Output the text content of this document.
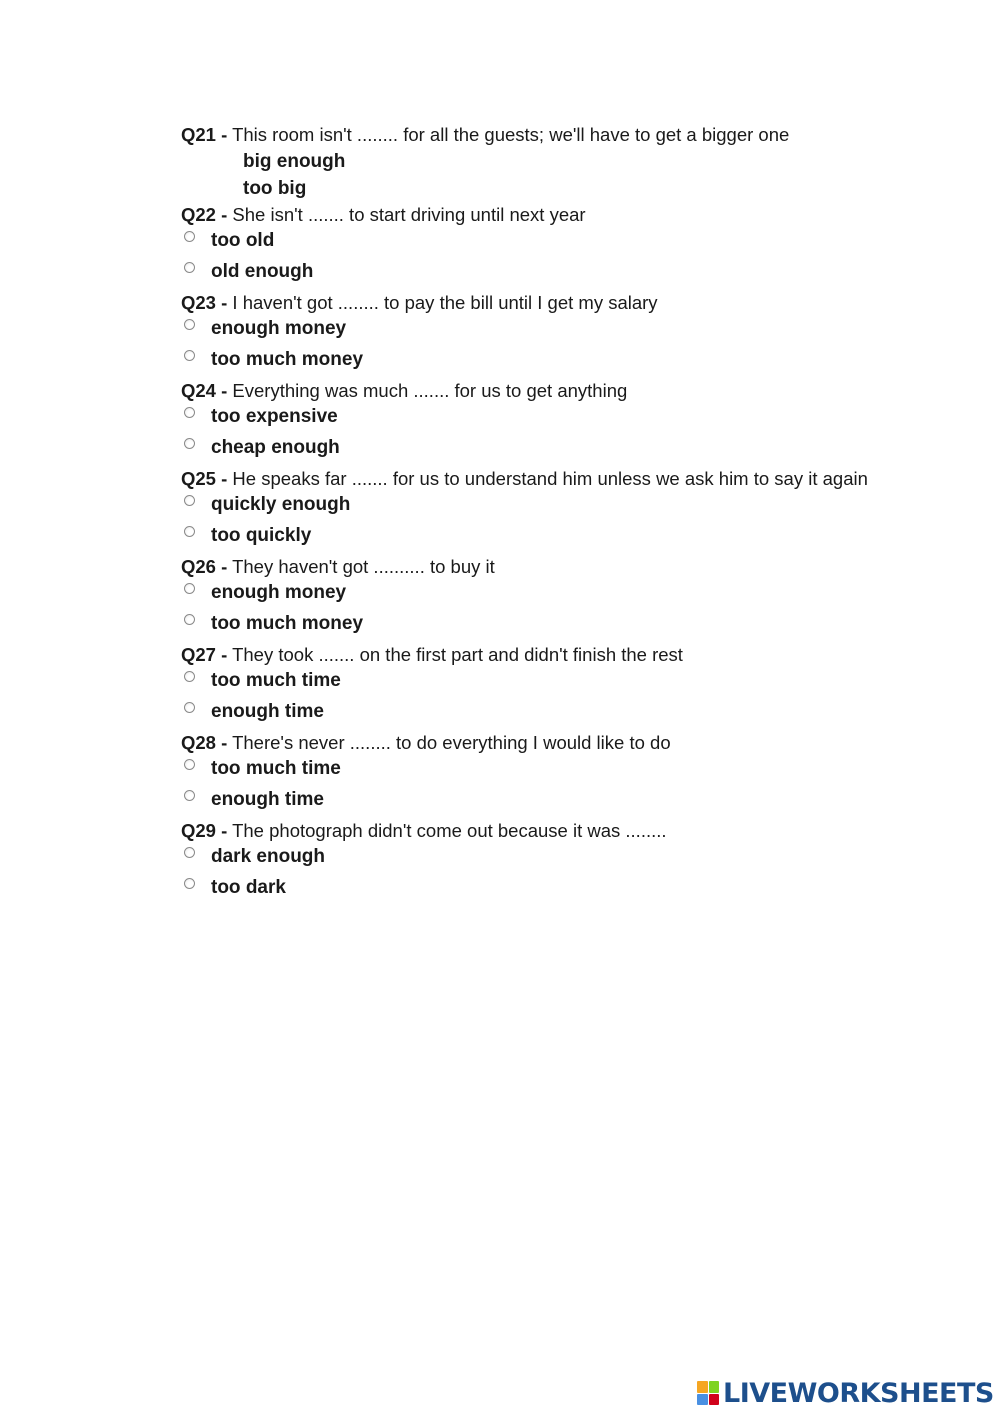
Q21 - This room isn't ........ for all the guests; we'll have to get a bigger one

big enough
too big

Q22 - She isn't ....... to start driving until next year

too old
old enough

Q23 - I haven't got ........ to pay the bill until I get my salary

enough money
too much money

Q24 - Everything was much ....... for us to get anything

too expensive
cheap enough

Q25 - He speaks far ....... for us to understand him unless we ask him to say it again

quickly enough
too quickly

Q26 - They haven't got .......... to buy it

enough money
too much money

Q27 - They took ....... on the first part and didn't finish the rest

too much time
enough time

Q28 - There's never ........ to do everything I would like to do

too much time
enough time

Q29 - The photograph didn't come out because it was ........

dark enough
too dark
LIVEWORKSHEETS
